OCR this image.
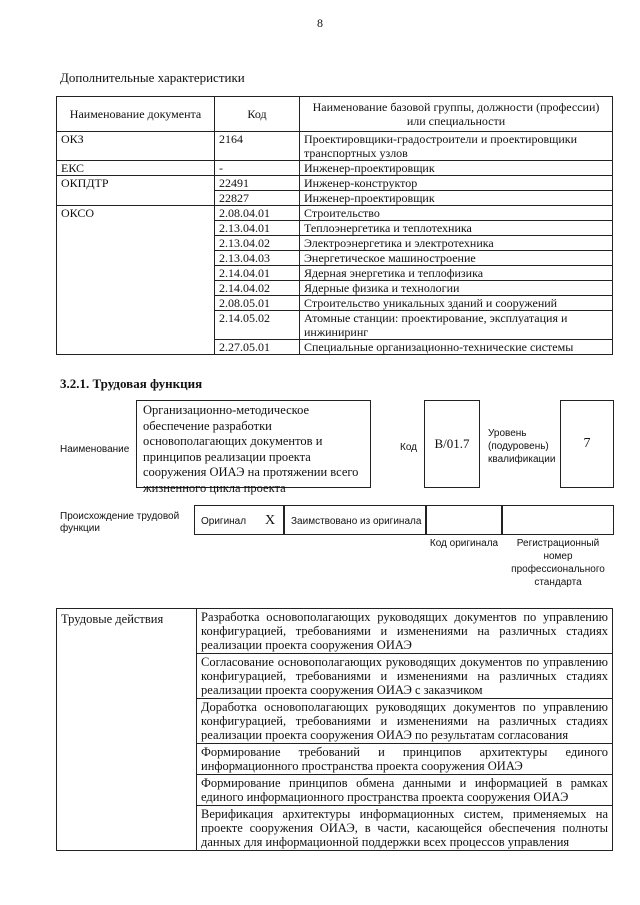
8
Дополнительные характеристики
Наименование документа	Код	Наименование базовой группы, должности (профессии) или специальности
ОКЗ	2164	Проектировщики-градостроители и проектировщики транспортных узлов
ЕКС	-	Инженер-проектировщик
ОКПДТР	22491	Инженер-конструктор
	22827	Инженер-проектировщик
ОКСО	2.08.04.01	Строительство
	2.13.04.01	Теплоэнергетика и теплотехника
	2.13.04.02	Электроэнергетика и электротехника
	2.13.04.03	Энергетическое машиностроение
	2.14.04.01	Ядерная энергетика и теплофизика
	2.14.04.02	Ядерные физика и технологии
	2.08.05.01	Строительство уникальных зданий и сооружений
	2.14.05.02	Атомные станции: проектирование, эксплуатация и инжиниринг
	2.27.05.01	Специальные организационно-технические системы
3.2.1. Трудовая функция
Наименование
Организационно-методическое обеспечение разработки основополагающих документов и принципов реализации проекта сооружения ОИАЭ на протяжении всего жизненного цикла проекта
Код B/01.7
Уровень (подуровень) квалификации
7
Происхождение трудовой функции
Оригинал X Заимствовано из оригинала
Код оригинала	Регистрационный номер профессионального стандарта
Трудовые действия	Разработка основополагающих руководящих документов по управлению конфигурацией, требованиями и изменениями на различных стадиях реализации проекта сооружения ОИАЭ
Согласование основополагающих руководящих документов по управлению конфигурацией, требованиями и изменениями на различных стадиях реализации проекта сооружения ОИАЭ с заказчиком
Доработка основополагающих руководящих документов по управлению конфигурацией, требованиями и изменениями на различных стадиях реализации проекта сооружения ОИАЭ по результатам согласования
Формирование требований и принципов архитектуры единого информационного пространства проекта сооружения ОИАЭ
Формирование принципов обмена данными и информацией в рамках единого информационного пространства проекта сооружения ОИАЭ
Верификация архитектуры информационных систем, применяемых на проекте сооружения ОИАЭ, в части, касающейся обеспечения полноты данных для информационной поддержки всех процессов управления
